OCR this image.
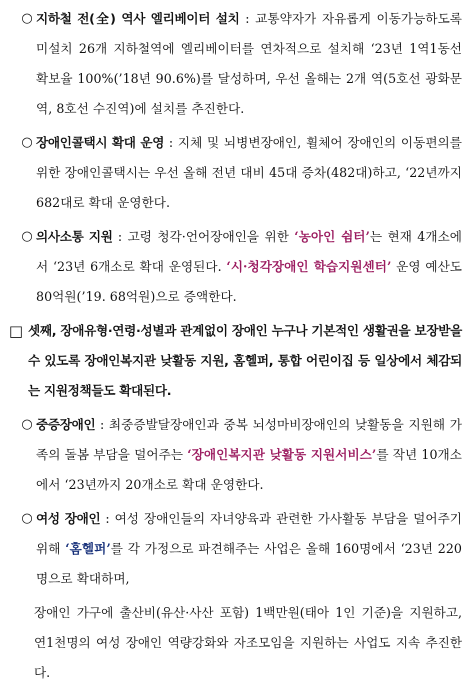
○ 지하철 전(全) 역사 엘리베이터 설치 : 교통약자가 자유롭게 이동가능하도록 미설치 26개 지하철역에 엘리베이터를 연차적으로 설치해 ‘23년 1역1동선 확보율 100%(’18년 90.6%)를 달성하며, 우선 올해는 2개 역(5호선 광화문역, 8호선 수진역)에 설치를 추진한다.
○ 장애인콜택시 확대 운영 : 지체 및 뇌병변장애인, 휠체어 장애인의 이동편의를 위한 장애인콜택시는 우선 올해 전년 대비 45대 증차(482대)하고, ‘22년까지 682대로 확대 운영한다.
○ 의사소통 지원 : 고령 청각·언어장애인을 위한 ‘농아인 쉼터’는 현재 4개소에서 ‘23년 6개소로 확대 운영된다. ‘시·청각장애인 학습지원센터’ 운영 예산도 80억원(’19. 68억원)으로 증액한다.
□ 셋째, 장애유형·연령·성별과 관계없이 장애인 누구나 기본적인 생활권을 보장받을 수 있도록 장애인복지관 낮활동 지원, 홈헬퍼, 통합 어린이집 등 일상에서 체감되는 지원정책들도 확대된다.
○ 중증장애인 : 최중증발달장애인과 중복 뇌성마비장애인의 낮활동을 지원해 가족의 돌봄 부담을 덜어주는 ‘장애인복지관 낮활동 지원서비스’를 작년 10개소에서 ‘23년까지 20개소로 확대 운영한다.
○ 여성 장애인 : 여성 장애인들의 자녀양육과 관련한 가사활동 부담을 덜어주기 위해 ‘홈헬퍼’를 각 가정으로 파견해주는 사업은 올해 160명에서 ‘23년 220명으로 확대하며,
장애인 가구에 출산비(유산·사산 포함) 1백만원(태아 1인 기준)을 지원하고, 연1천명의 여성 장애인 역량강화와 자조모임을 지원하는 사업도 지속 추진한다.
